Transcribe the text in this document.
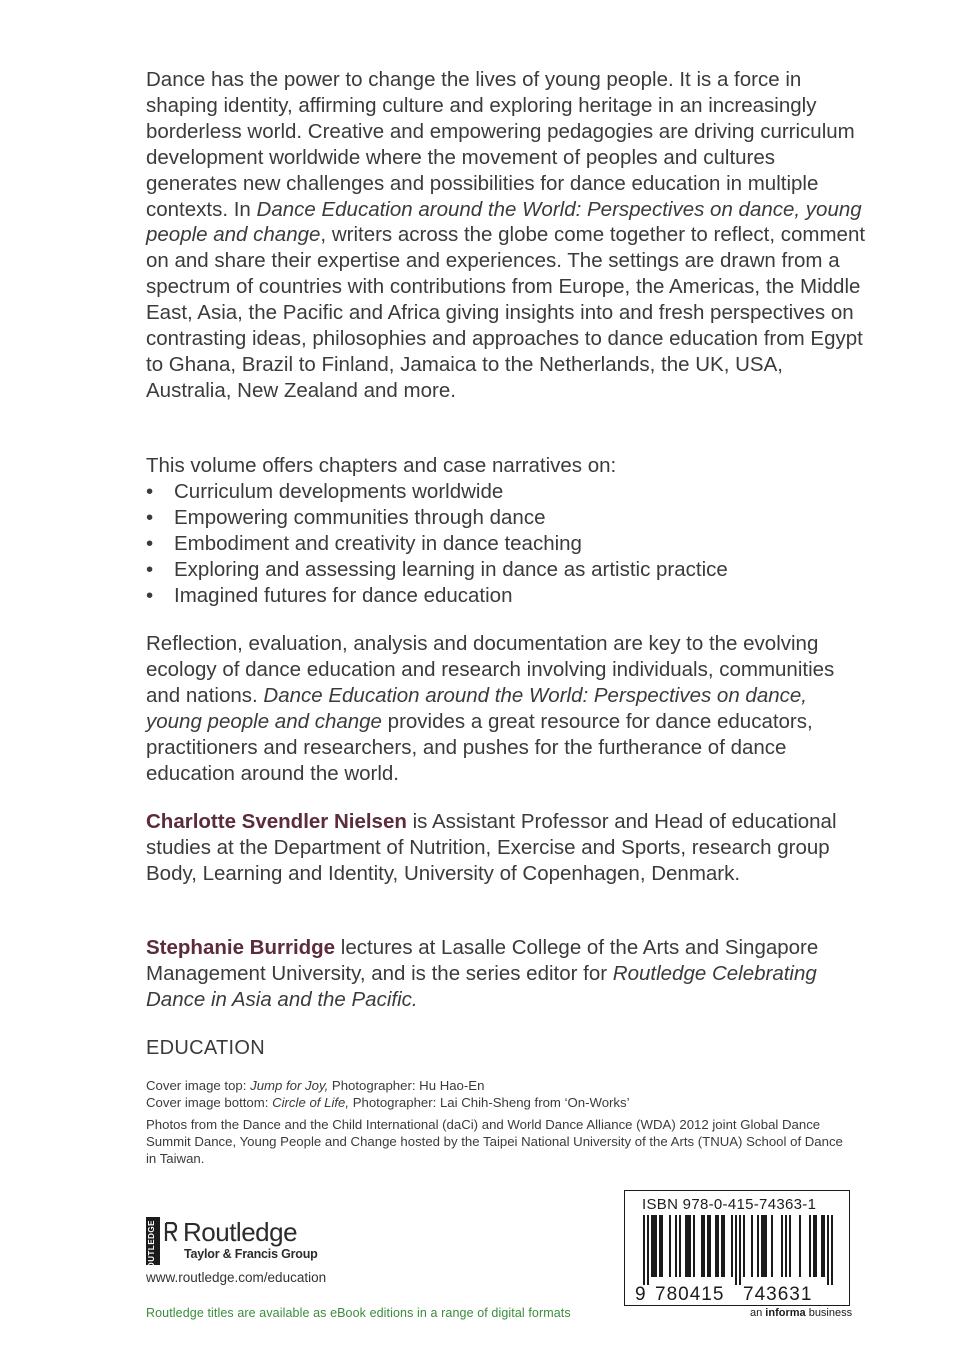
Dance has the power to change the lives of young people. It is a force in shaping identity, affirming culture and exploring heritage in an increasingly borderless world. Creative and empowering pedagogies are driving curriculum development worldwide where the movement of peoples and cultures generates new challenges and possibilities for dance education in multiple contexts. In Dance Education around the World: Perspectives on dance, young people and change, writers across the globe come together to reflect, comment on and share their expertise and experiences. The settings are drawn from a spectrum of countries with contributions from Europe, the Americas, the Middle East, Asia, the Pacific and Africa giving insights into and fresh perspectives on contrasting ideas, philosophies and approaches to dance education from Egypt to Ghana, Brazil to Finland, Jamaica to the Netherlands, the UK, USA, Australia, New Zealand and more.

This volume offers chapters and case narratives on:

• Curriculum developments worldwide
• Empowering communities through dance
• Embodiment and creativity in dance teaching
• Exploring and assessing learning in dance as artistic practice
• Imagined futures for dance education

Reflection, evaluation, analysis and documentation are key to the evolving ecology of dance education and research involving individuals, communities and nations. Dance Education around the World: Perspectives on dance, young people and change provides a great resource for dance educators, practitioners and researchers, and pushes for the furtherance of dance education around the world.

Charlotte Svendler Nielsen is Assistant Professor and Head of educational studies at the Department of Nutrition, Exercise and Sports, research group Body, Learning and Identity, University of Copenhagen, Denmark.

Stephanie Burridge lectures at Lasalle College of the Arts and Singapore Management University, and is the series editor for Routledge Celebrating Dance in Asia and the Pacific.

EDUCATION
Cover image top: Jump for Joy, Photographer: Hu Hao-En
Cover image bottom: Circle of Life, Photographer: Lai Chih-Sheng from ‘On-Works’
Photos from the Dance and the Child International (daCi) and World Dance Alliance (WDA) 2012 joint Global Dance Summit Dance, Young People and Change hosted by the Taipei National University of the Arts (TNUA) School of Dance in Taiwan.
ROUTLEDGE Routledge
Taylor & Francis Group
www.routledge.com/education
Routledge titles are available as eBook editions in a range of digital formats
ISBN 978-0-415-74363-1
9 780415 743631
an informa business
